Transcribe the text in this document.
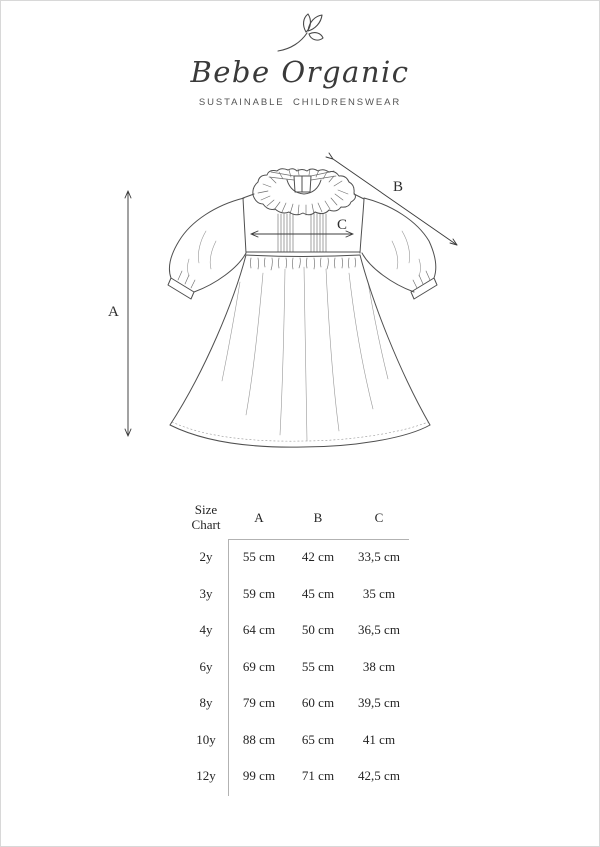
Bebe Organic
SUSTAINABLE CHILDRENSWEAR
A
B
C
Size Chart	A	B	C
2y	55 cm	42 cm	33,5 cm
3y	59 cm	45 cm	35 cm
4y	64 cm	50 cm	36,5 cm
6y	69 cm	55 cm	38 cm
8y	79 cm	60 cm	39,5 cm
10y	88 cm	65 cm	41 cm
12y	99 cm	71 cm	42,5 cm
